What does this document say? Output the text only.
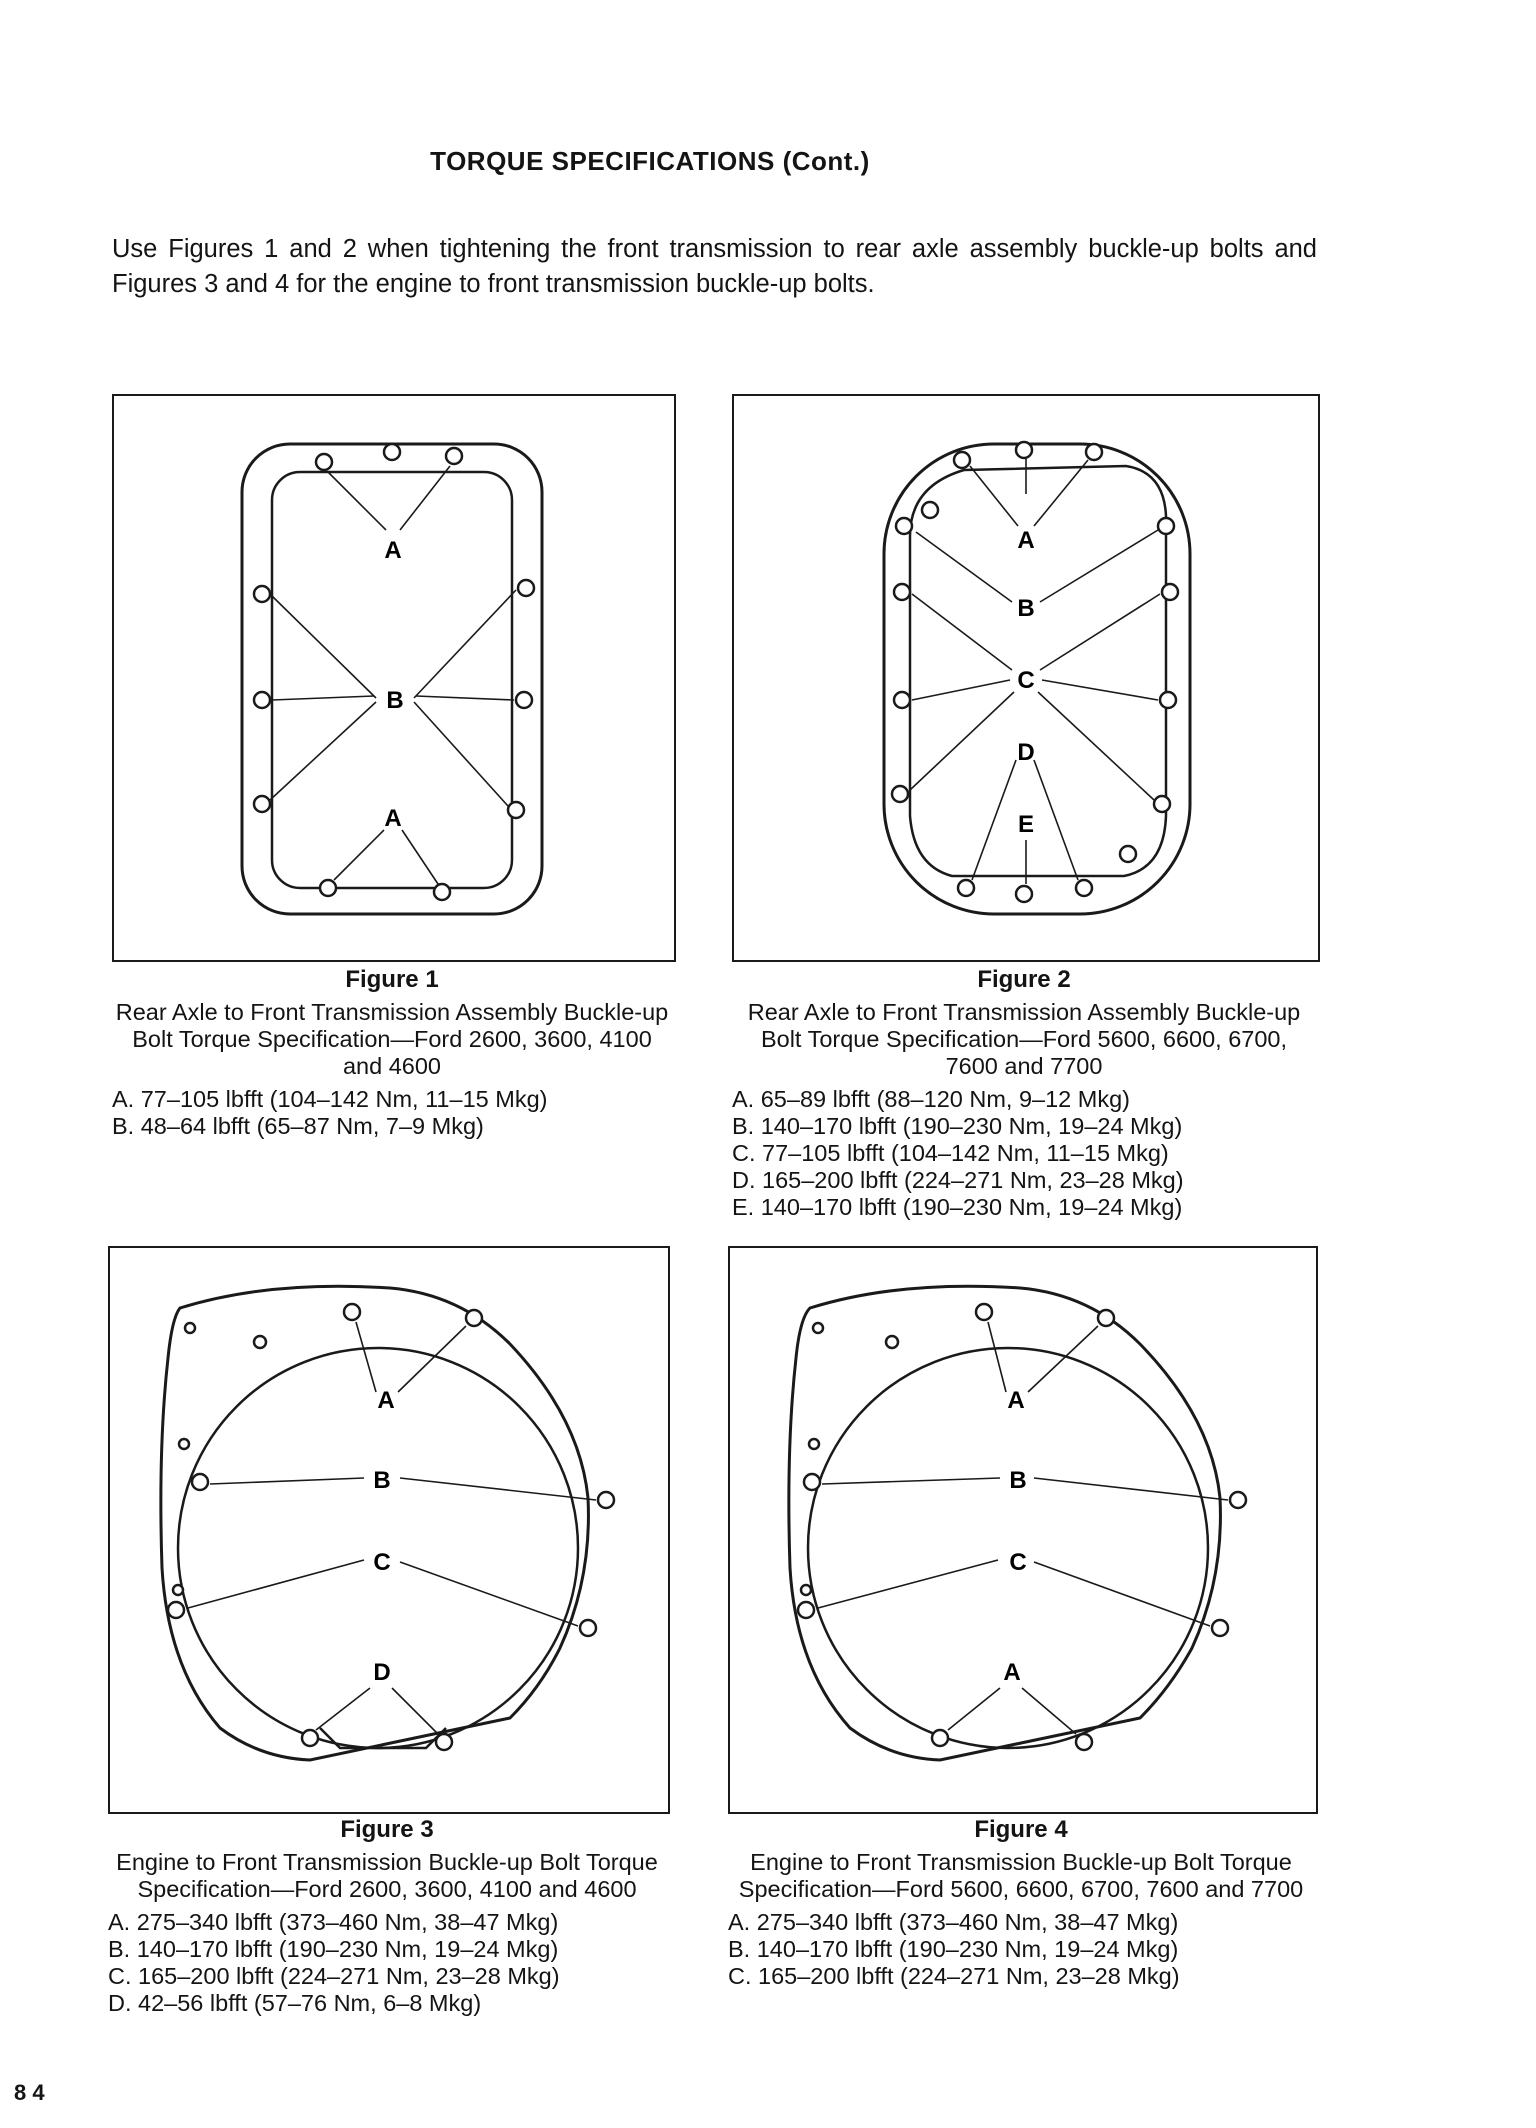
TORQUE SPECIFICATIONS (Cont.)
Use Figures 1 and 2 when tightening the front transmission to rear axle assembly buckle-up bolts and Figures 3 and 4 for the engine to front transmission buckle-up bolts.
A
B
A
Figure 1
Rear Axle to Front Transmission Assembly Buckle-up Bolt Torque Specification—Ford 2600, 3600, 4100 and 4600
A. 77–105 lbfft (104–142 Nm, 11–15 Mkg)
B. 48–64 lbfft (65–87 Nm, 7–9 Mkg)
A
B
C
D
E
Figure 2
Rear Axle to Front Transmission Assembly Buckle-up Bolt Torque Specification—Ford 5600, 6600, 6700, 7600 and 7700
A. 65–89 lbfft (88–120 Nm, 9–12 Mkg)
B. 140–170 lbfft (190–230 Nm, 19–24 Mkg)
C. 77–105 lbfft (104–142 Nm, 11–15 Mkg)
D. 165–200 lbfft (224–271 Nm, 23–28 Mkg)
E. 140–170 lbfft (190–230 Nm, 19–24 Mkg)
A
B
C
D
Figure 3
Engine to Front Transmission Buckle-up Bolt Torque Specification—Ford 2600, 3600, 4100 and 4600
A. 275–340 lbfft (373–460 Nm, 38–47 Mkg)
B. 140–170 lbfft (190–230 Nm, 19–24 Mkg)
C. 165–200 lbfft (224–271 Nm, 23–28 Mkg)
D. 42–56 lbfft (57–76 Nm, 6–8 Mkg)
A
B
C
A
Figure 4
Engine to Front Transmission Buckle-up Bolt Torque Specification—Ford 5600, 6600, 6700, 7600 and 7700
A. 275–340 lbfft (373–460 Nm, 38–47 Mkg)
B. 140–170 lbfft (190–230 Nm, 19–24 Mkg)
C. 165–200 lbfft (224–271 Nm, 23–28 Mkg)
8 4
